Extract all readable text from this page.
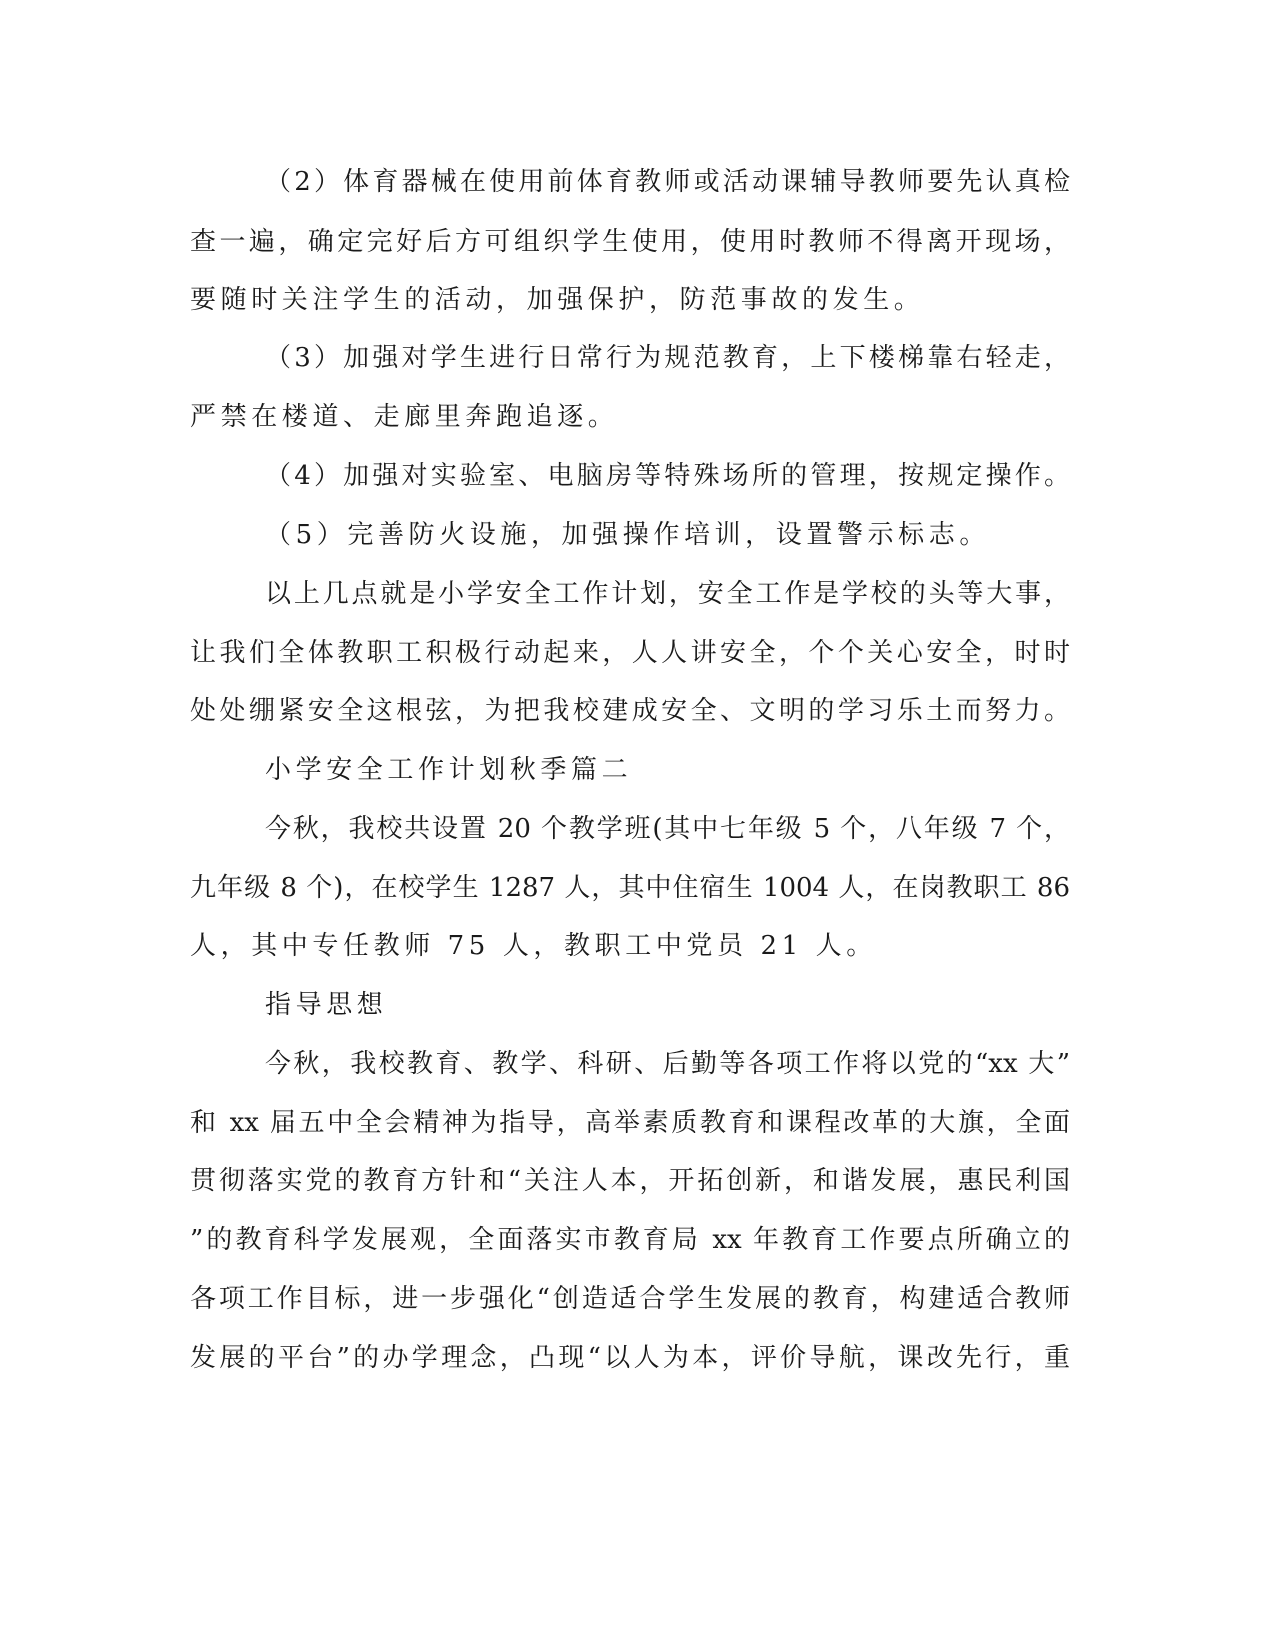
（2）体育器械在使用前体育教师或活动课辅导教师要先认真检
查一遍，确定完好后方可组织学生使用，使用时教师不得离开现场，
要随时关注学生的活动，加强保护，防范事故的发生。
（3）加强对学生进行日常行为规范教育，上下楼梯靠右轻走，
严禁在楼道、走廊里奔跑追逐。
（4）加强对实验室、电脑房等特殊场所的管理，按规定操作。
（5）完善防火设施，加强操作培训，设置警示标志。
以上几点就是小学安全工作计划，安全工作是学校的头等大事，
让我们全体教职工积极行动起来，人人讲安全，个个关心安全，时时
处处绷紧安全这根弦，为把我校建成安全、文明的学习乐土而努力。
小学安全工作计划秋季篇二
今秋，我校共设置 20 个教学班(其中七年级 5 个，八年级 7 个，
九年级 8 个)，在校学生 1287 人，其中住宿生 1004 人，在岗教职工 86
人，其中专任教师 75 人，教职工中党员 21 人。
指导思想
今秋，我校教育、教学、科研、后勤等各项工作将以党的“xx 大”
和 xx 届五中全会精神为指导，高举素质教育和课程改革的大旗，全面
贯彻落实党的教育方针和“关注人本，开拓创新，和谐发展，惠民利国
”的教育科学发展观，全面落实市教育局 xx 年教育工作要点所确立的
各项工作目标，进一步强化“创造适合学生发展的教育，构建适合教师
发展的平台”的办学理念，凸现“以人为本，评价导航，课改先行，重
